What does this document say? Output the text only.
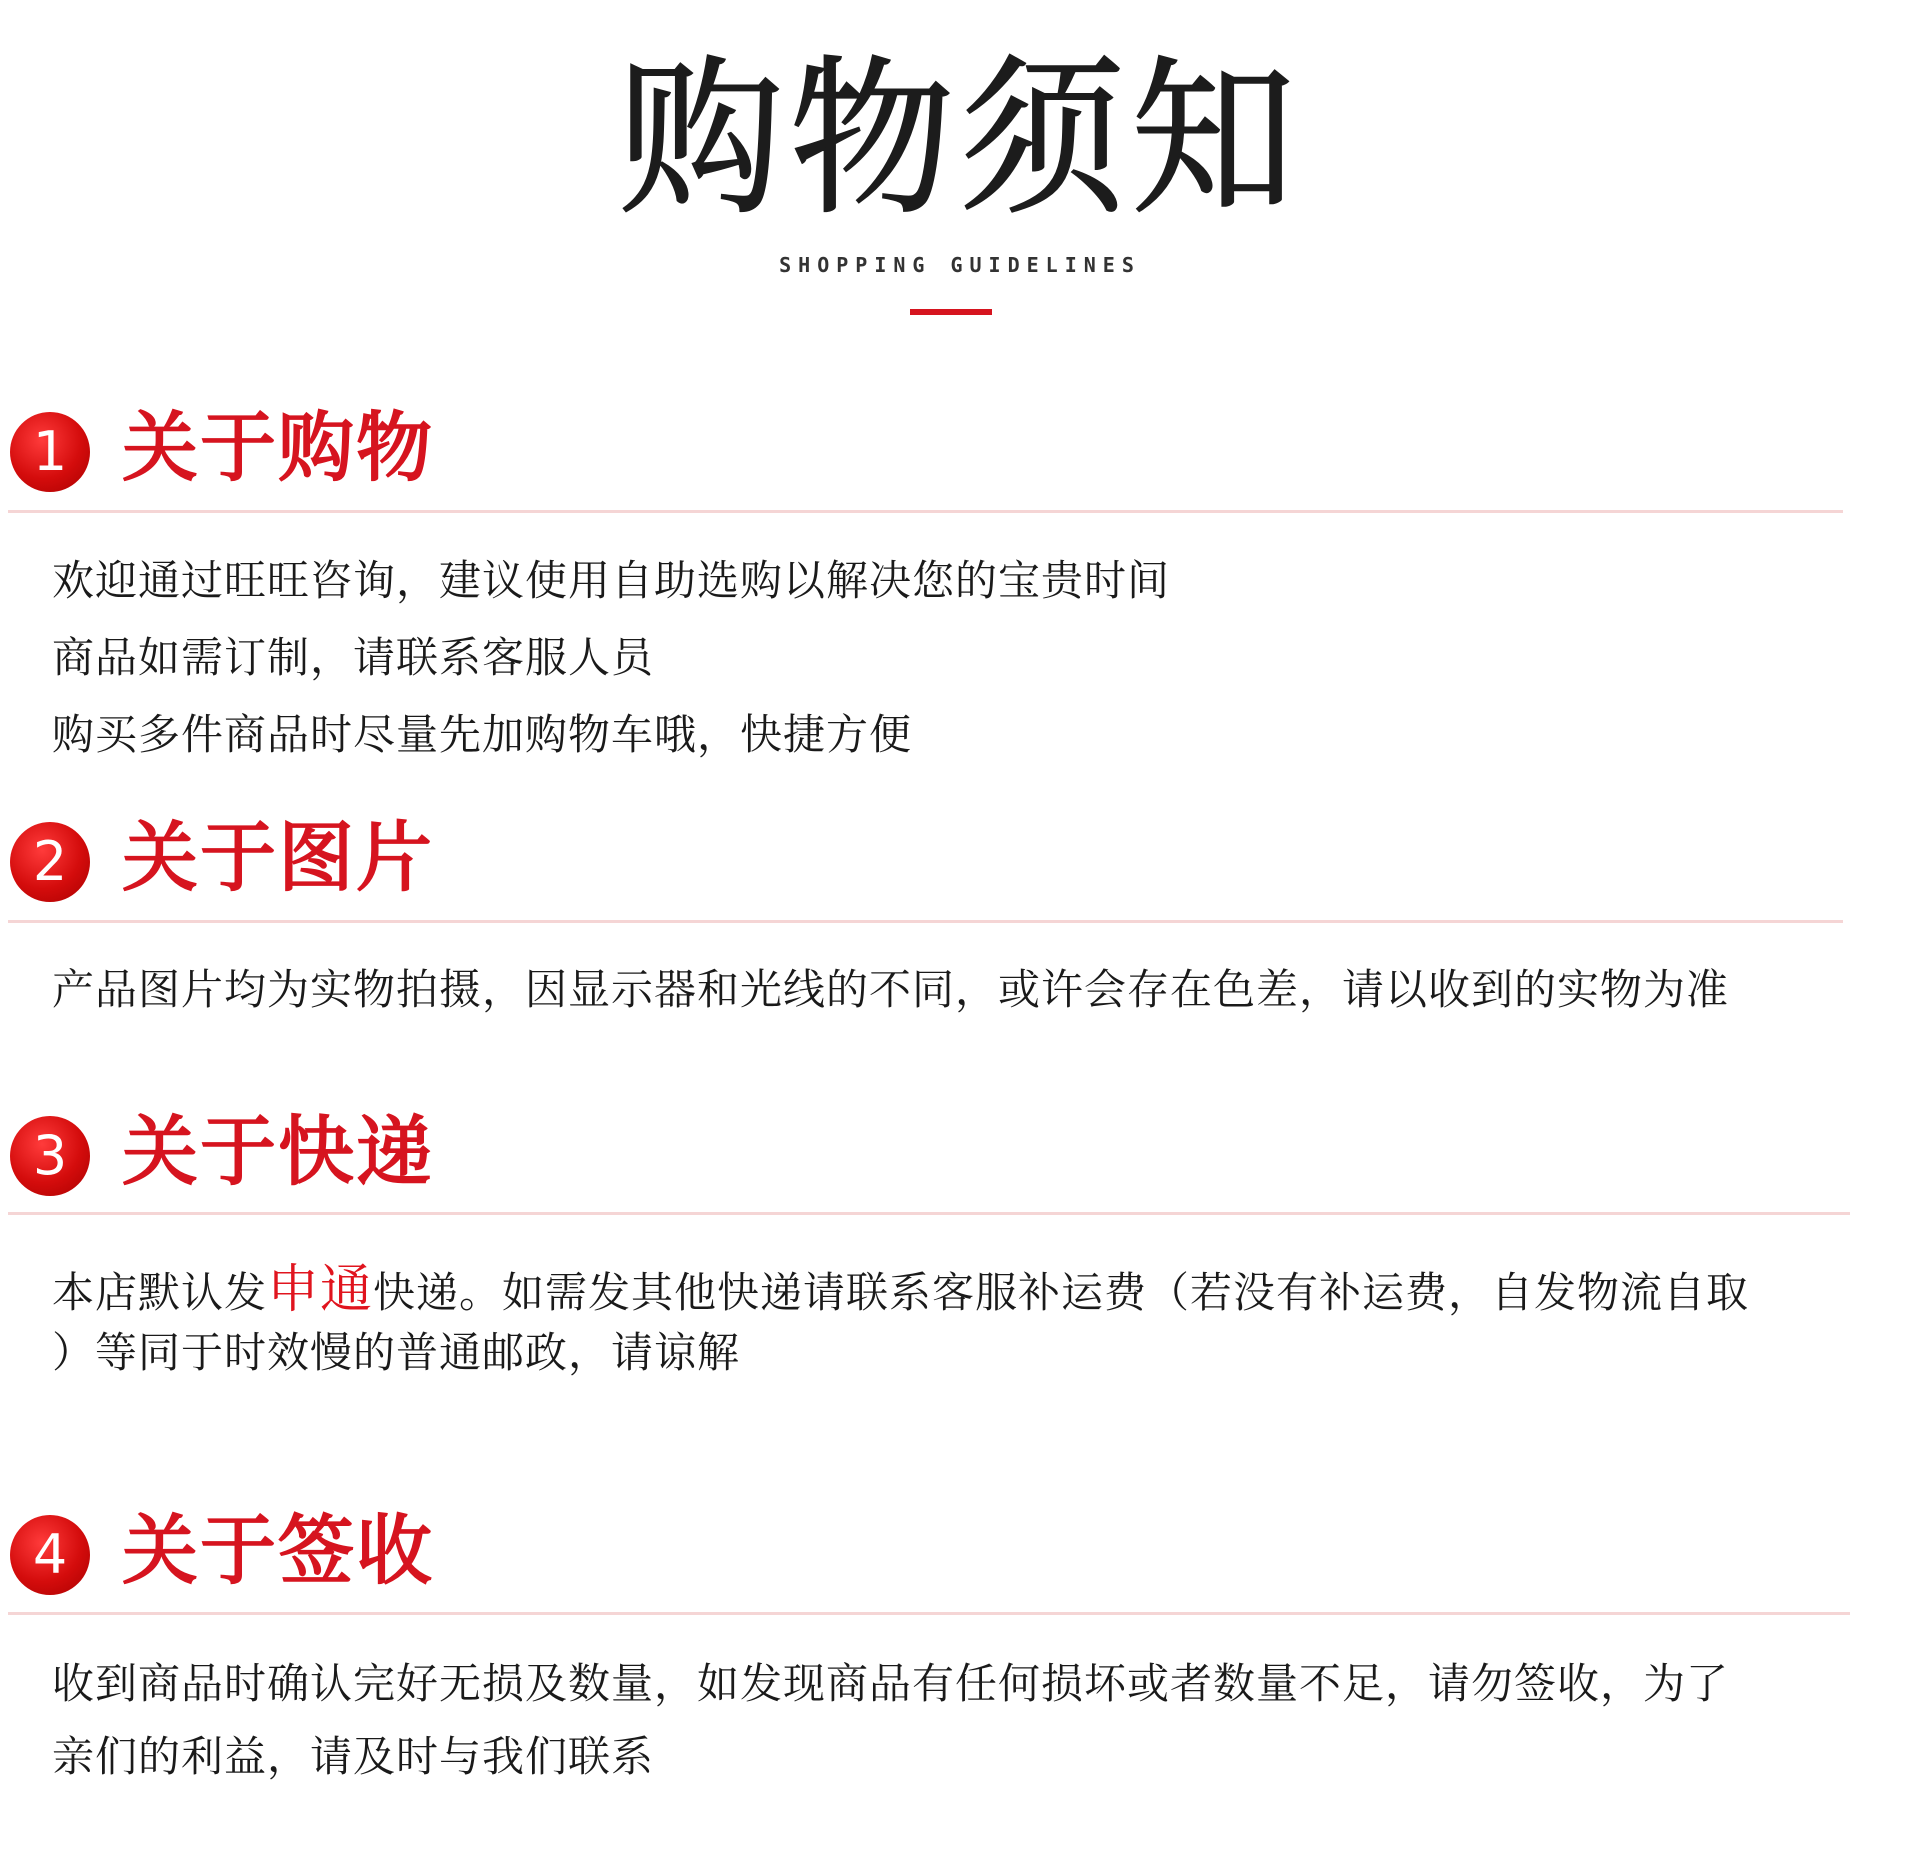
购物须知
SHOPPING GUIDELINES
1 关于购物
欢迎通过旺旺咨询，建议使用自助选购以解决您的宝贵时间
商品如需订制，请联系客服人员
购买多件商品时尽量先加购物车哦，快捷方便
2 关于图片
产品图片均为实物拍摄，因显示器和光线的不同，或许会存在色差，请以收到的实物为准
3 关于快递
本店默认发申通快递。如需发其他快递请联系客服补运费（若没有补运费，自发物流自取
）等同于时效慢的普通邮政，请谅解
4 关于签收
收到商品时确认完好无损及数量，如发现商品有任何损坏或者数量不足，请勿签收，为了
亲们的利益，请及时与我们联系
